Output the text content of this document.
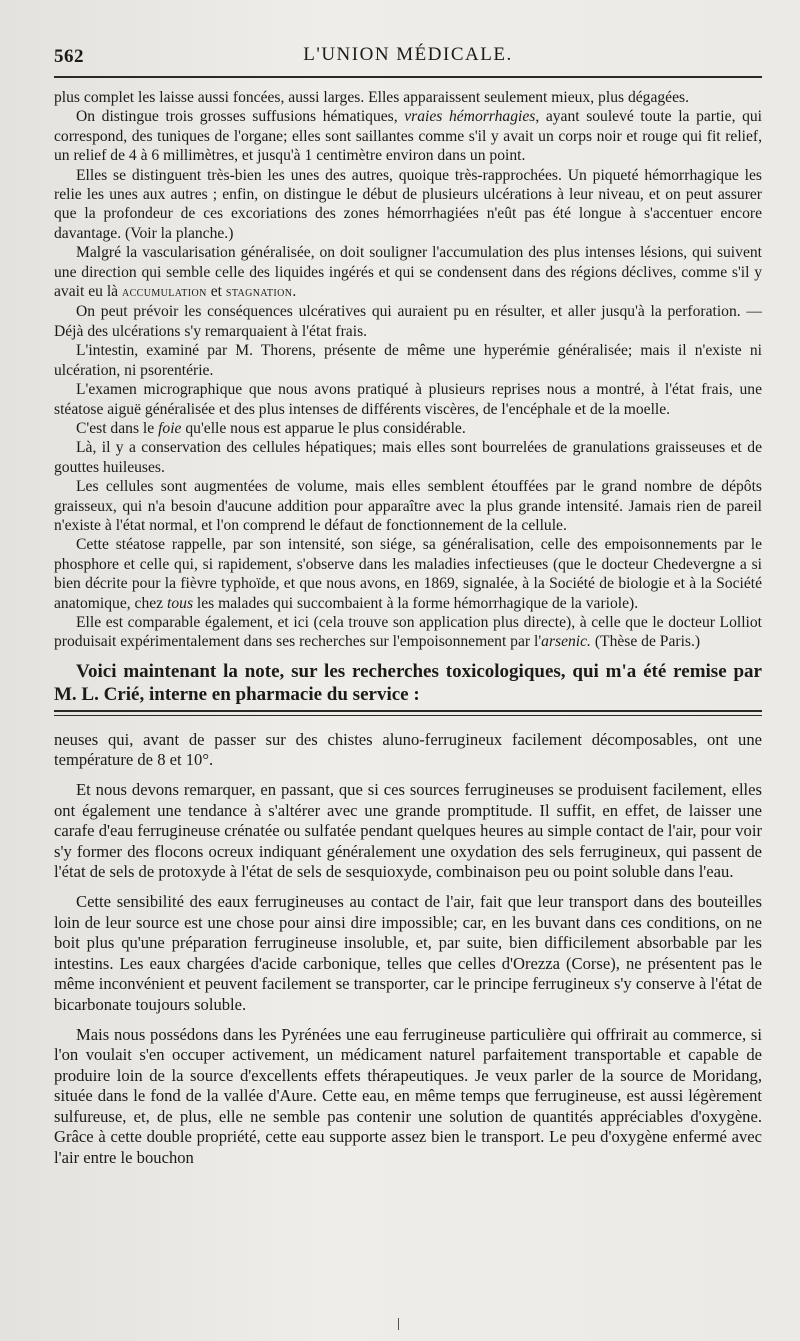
562	L'UNION MÉDICALE.

plus complet les laisse aussi foncées, aussi larges. Elles apparaissent seulement mieux, plus dégagées.

On distingue trois grosses suffusions hématiques, vraies hémorrhagies, ayant soulevé toute la partie, qui correspond, des tuniques de l'organe; elles sont saillantes comme s'il y avait un corps noir et rouge qui fit relief, un relief de 4 à 6 millimètres, et jusqu'à 1 centimètre environ dans un point.

Elles se distinguent très-bien les unes des autres, quoique très-rapprochées. Un piqueté hémorrhagique les relie les unes aux autres ; enfin, on distingue le début de plusieurs ulcérations à leur niveau, et on peut assurer que la profondeur de ces excoriations des zones hémorrhagiées n'eût pas été longue à s'accentuer encore davantage. (Voir la planche.)

Malgré la vascularisation généralisée, on doit souligner l'accumulation des plus intenses lésions, qui suivent une direction qui semble celle des liquides ingérés et qui se condensent dans des régions déclives, comme s'il y avait eu là accumulation et stagnation.

On peut prévoir les conséquences ulcératives qui auraient pu en résulter, et aller jusqu'à la perforation. — Déjà des ulcérations s'y remarquaient à l'état frais.

L'intestin, examiné par M. Thorens, présente de même une hyperémie généralisée; mais il n'existe ni ulcération, ni psorentérie.

L'examen micrographique que nous avons pratiqué à plusieurs reprises nous a montré, à l'état frais, une stéatose aiguë généralisée et des plus intenses de différents viscères, de l'encéphale et de la moelle.

C'est dans le foie qu'elle nous est apparue le plus considérable.

Là, il y a conservation des cellules hépatiques; mais elles sont bourrelées de granulations graisseuses et de gouttes huileuses.

Les cellules sont augmentées de volume, mais elles semblent étouffées par le grand nombre de dépôts graisseux, qui n'a besoin d'aucune addition pour apparaître avec la plus grande intensité. Jamais rien de pareil n'existe à l'état normal, et l'on comprend le défaut de fonctionnement de la cellule.

Cette stéatose rappelle, par son intensité, son siége, sa généralisation, celle des empoisonnements par le phosphore et celle qui, si rapidement, s'observe dans les maladies infectieuses (que le docteur Chedevergne a si bien décrite pour la fièvre typhoïde, et que nous avons, en 1869, signalée, à la Société de biologie et à la Société anatomique, chez tous les malades qui succombaient à la forme hémorrhagique de la variole).

Elle est comparable également, et ici (cela trouve son application plus directe), à celle que le docteur Lolliot produisait expérimentalement dans ses recherches sur l'empoisonnement par l'arsenic. (Thèse de Paris.)

Voici maintenant la note, sur les recherches toxicologiques, qui m'a été remise par M. L. Crié, interne en pharmacie du service :

neuses qui, avant de passer sur des chistes aluno-ferrugineux facilement décomposables, ont une température de 8 et 10°.

Et nous devons remarquer, en passant, que si ces sources ferrugineuses se produisent facilement, elles ont également une tendance à s'altérer avec une grande promptitude. Il suffit, en effet, de laisser une carafe d'eau ferrugineuse crénatée ou sulfatée pendant quelques heures au simple contact de l'air, pour voir s'y former des flocons ocreux indiquant généralement une oxydation des sels ferrugineux, qui passent de l'état de sels de protoxyde à l'état de sels de sesquioxyde, combinaison peu ou point soluble dans l'eau.

Cette sensibilité des eaux ferrugineuses au contact de l'air, fait que leur transport dans des bouteilles loin de leur source est une chose pour ainsi dire impossible; car, en les buvant dans ces conditions, on ne boit plus qu'une préparation ferrugineuse insoluble, et, par suite, bien difficilement absorbable par les intestins. Les eaux chargées d'acide carbonique, telles que celles d'Orezza (Corse), ne présentent pas le même inconvénient et peuvent facilement se transporter, car le principe ferrugineux s'y conserve à l'état de bicarbonate toujours soluble.

Mais nous possédons dans les Pyrénées une eau ferrugineuse particulière qui offrirait au commerce, si l'on voulait s'en occuper activement, un médicament naturel parfaitement transportable et capable de produire loin de la source d'excellents effets thérapeutiques. Je veux parler de la source de Moridang, située dans le fond de la vallée d'Aure. Cette eau, en même temps que ferrugineuse, est aussi légèrement sulfureuse, et, de plus, elle ne semble pas contenir une solution de quantités appréciables d'oxygène. Grâce à cette double propriété, cette eau supporte assez bien le transport. Le peu d'oxygène enfermé avec l'air entre le bouchon
